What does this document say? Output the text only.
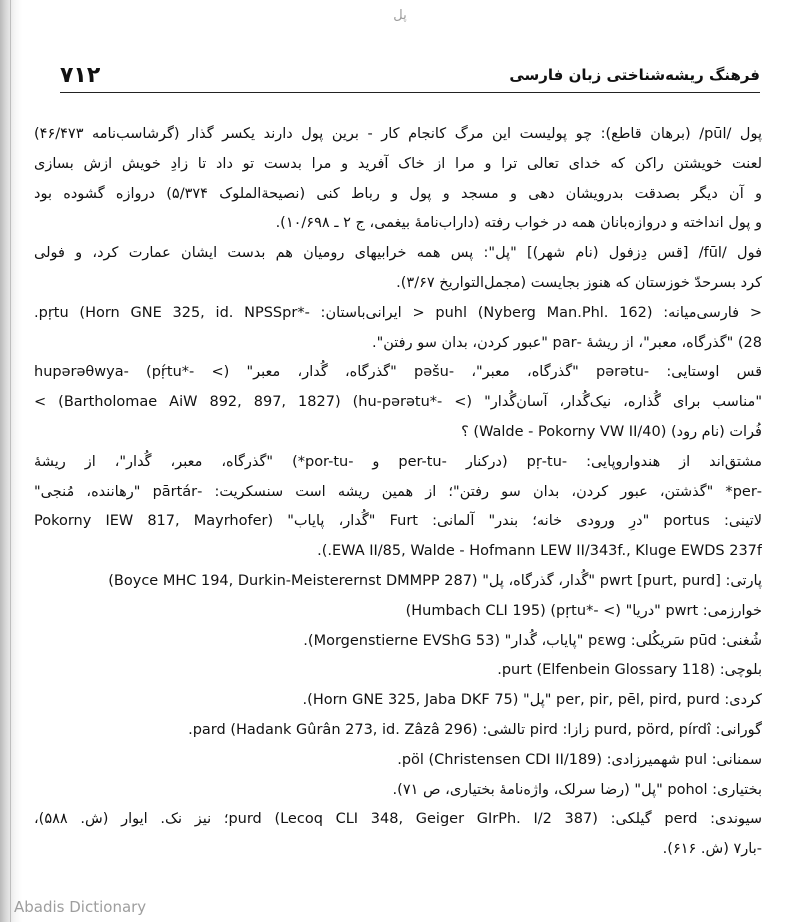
پل
۷۱۲	فرهنگ ریشه‌شناختی زبان فارسی
پول /pūl/ (برهان قاطع): چو پولیست این مرگ کانجام کار - برین پول دارند یکسر گذار (گرشاسب‌نامه ۴۶/۴۷۳)
لعنت خویشتن راکن که خدای تعالی ترا و مرا از خاک آفرید و مرا بدست تو داد تا زادِ خویش ازش بسازی
و آن دیگر بصدقت بدرویشان دهی و مسجد و پول و رباط کنی (نصیحة‌الملوک ۵/۳۷۴) دروازه گشوده بود
و پول انداخته و دروازه‌بانان همه در خواب رفته (داراب‌نامهٔ بیغمی، ج ۲ ـ ۱۰/۶۹۸).
فول /fūl/ [قس دِزفول (نام شهر)] "پل": پس همه خرابیهای رومیان هم بدست ایشان عمارت کرد، و فولی
کرد بسرحدّ خوزستان که هنوز بجایست (مجمل‌التواریخ ۳/۶۷).
< فارسی‌میانه: puhl (Nyberg Man.Phl. 162) < ایرانی‌باستان: -*pṛtu (Horn GNE 325, id. NPSSpr.
28) "گذرگاه، معبر"، از ریشهٔ -par "عبور کردن، بدان سو رفتن".
قس اوستایی: -pərətu "گذرگاه، معبر"، -pəšu "گذرگاه، گُدار، معبر" (> -*pṛ́tu) -hupərəθwya
"مناسب برای گُذاره، نیک‌گُدار، آسان‌گُدار" (> -*hu-pərətu) (Bartholomae AiW 892, 897, 1827) >
فُرات (نام رود) (Walde - Pokorny VW II/40) ؟
مشتق‌اند از هندواروپایی: -pṛ-tu (درکنار -per-tu و -por-tu*) "گذرگاه، معبر، گُدار"، از ریشهٔ
-per* "گذشتن، عبور کردن، بدان سو رفتن"؛ از همین ریشه است سنسکریت: -pārtár "رهاننده، مُنجی"
لاتینی: portus "درِ ورودی خانه؛ بندر" آلمانی: Furt "گُدار، پایاب" (Pokorny IEW 817, Mayrhofer
EWA II/85, Walde - Hofmann LEW II/343f., Kluge EWDS 237f.).
پارتی: pwrt [purt, purd] "گُدار، گذرگاه، پل" (Boyce MHC 194, Durkin-Meisterernst DMMPP 287)
خوارزمی: pwrt "دریا" (> -*pṛtu) (Humbach CLI 195)
شُغنی: pūd سَریکُلی: pεwg "پایاب، گُدار" (Morgenstierne EVShG 53).
بلوچی: purt (Elfenbein Glossary 118).
کردی: per, pir, pēl, pird, purd "پل" (Horn GNE 325, Jaba DKF 75).
گورانی: purd, pörd, pírdî زازا: pird تالشی: pard (Hadank Gûrân 273, id. Zâzâ 296).
سمنانی: pul شهمیرزادی: pöl (Christensen CDI II/189).
بختیاری: pohol "پل" (رضا سرلک، واژه‌نامهٔ بختیاری، ص ۷۱).
سیوندی: perd گیلکی: purd (Lecoq CLI 348, Geiger GIrPh. I/2 387)؛ نیز نک. ایوار (ش. ۵۸۸)،
-بار۷ (ش. ۶۱۶).
Abadis Dictionary
